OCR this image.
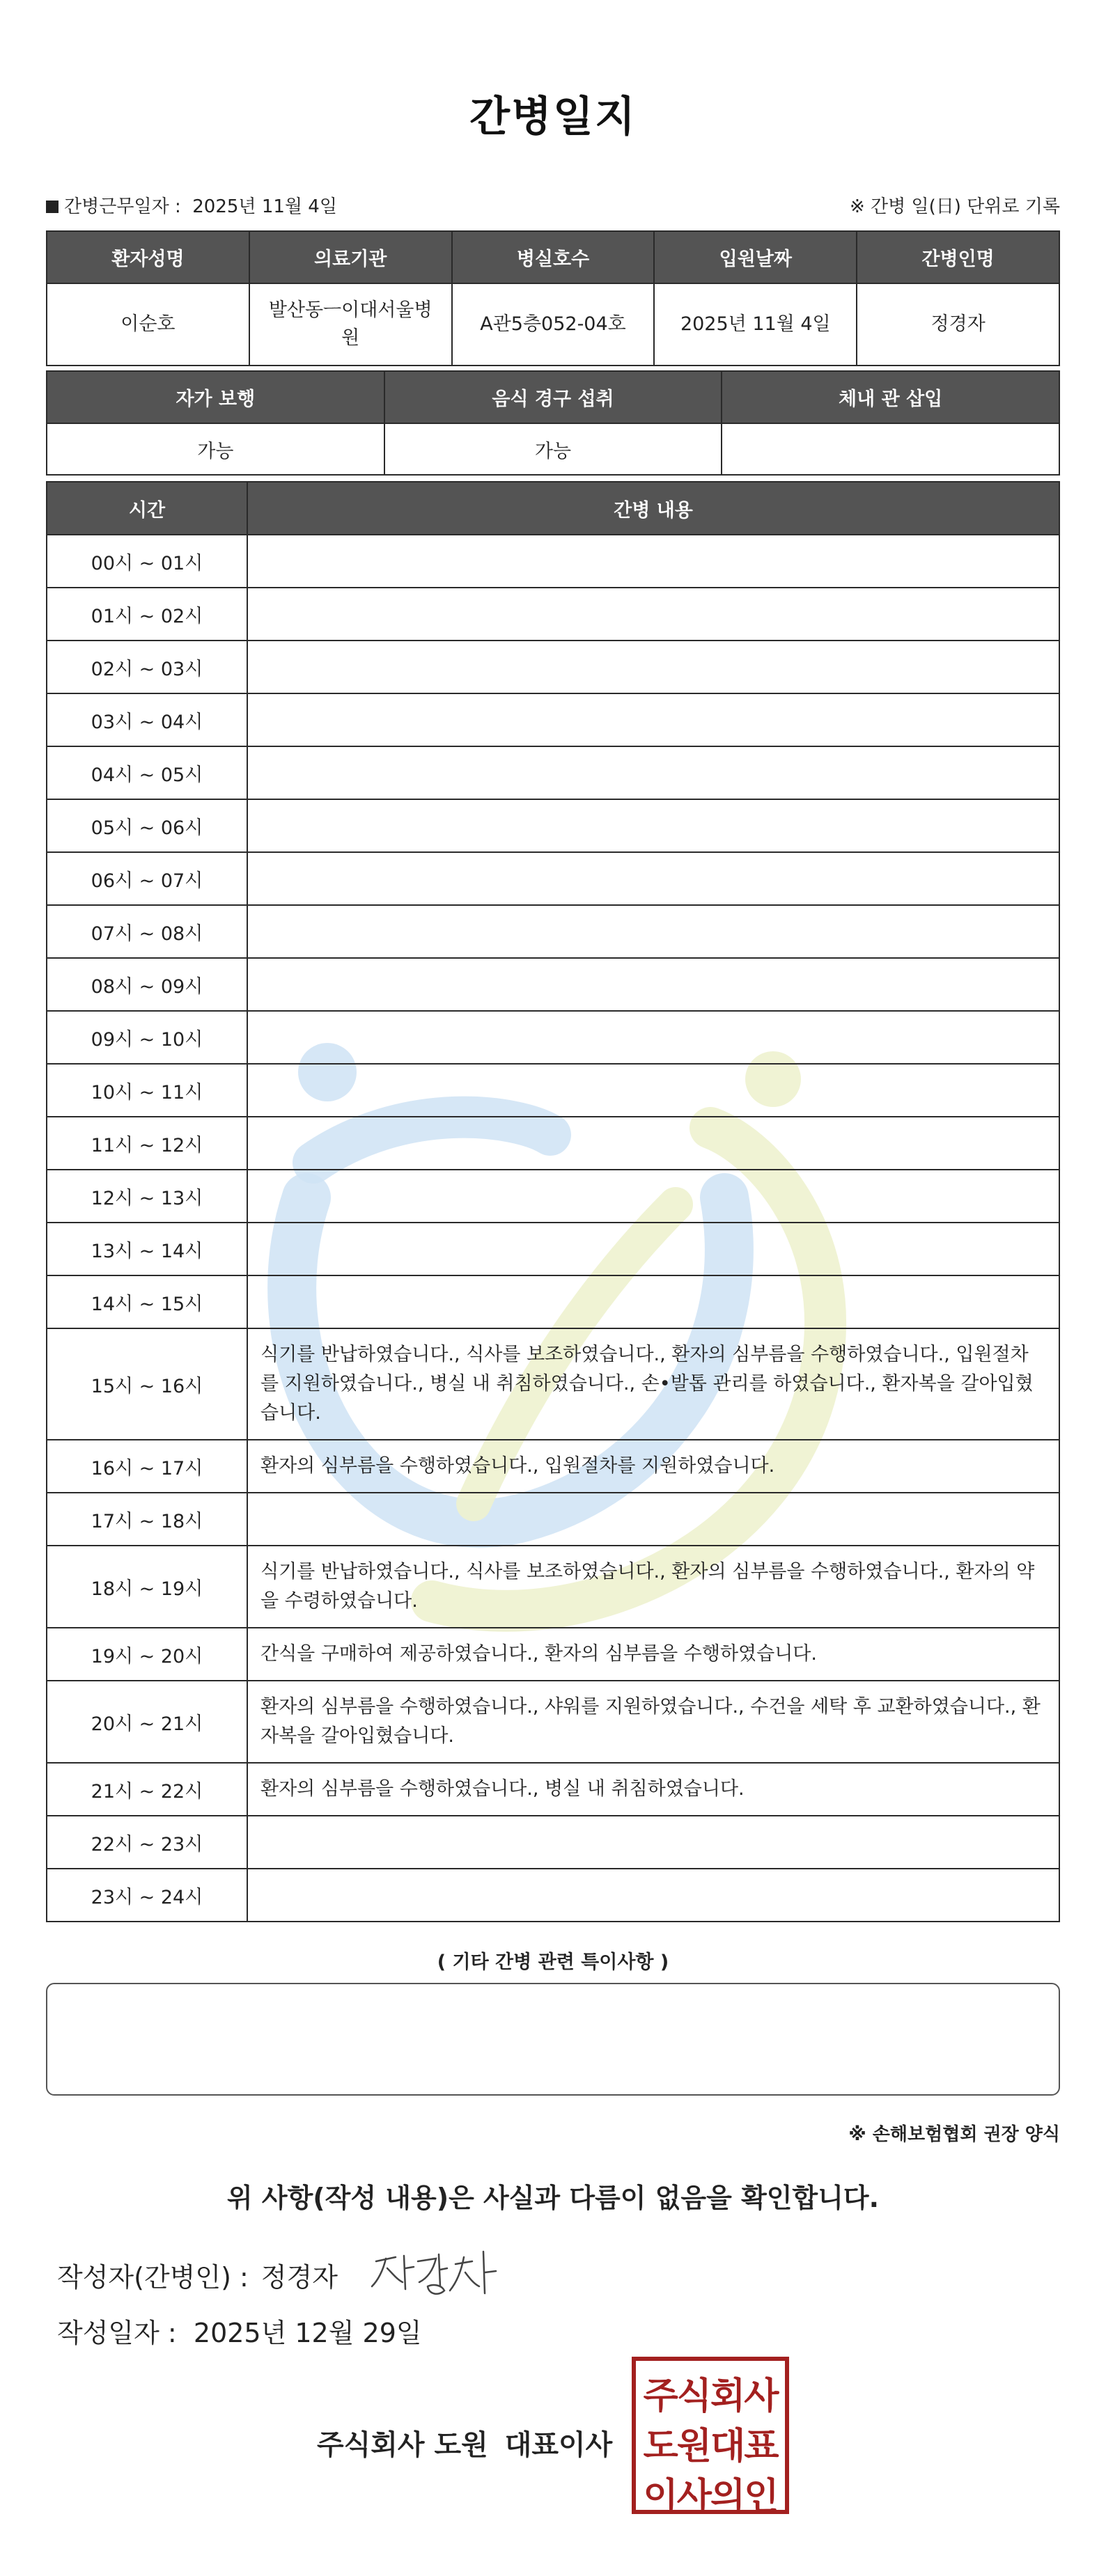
간병일지
간병근무일자 : 2025년 11월 4일	※ 간병 일(日) 단위로 기록
환자성명	의료기관	병실호수	입원날짜	간병인명
이순호	발산동ㅡ이대서울병원	A관5층052-04호	2025년 11월 4일	정경자
자가 보행	음식 경구 섭취	체내 관 삽입
가능	가능	
시간	간병 내용
00시 ~ 01시	
01시 ~ 02시	
02시 ~ 03시	
03시 ~ 04시	
04시 ~ 05시	
05시 ~ 06시	
06시 ~ 07시	
07시 ~ 08시	
08시 ~ 09시	
09시 ~ 10시	
10시 ~ 11시	
11시 ~ 12시	
12시 ~ 13시	
13시 ~ 14시	
14시 ~ 15시	
15시 ~ 16시	식기를 반납하였습니다., 식사를 보조하였습니다., 환자의 심부름을 수행하였습니다., 입원절차를 지원하였습니다., 병실 내 취침하였습니다., 손•발톱 관리를 하였습니다., 환자복을 갈아입혔습니다.
16시 ~ 17시	환자의 심부름을 수행하였습니다., 입원절차를 지원하였습니다.
17시 ~ 18시	
18시 ~ 19시	식기를 반납하였습니다., 식사를 보조하였습니다., 환자의 심부름을 수행하였습니다., 환자의 약을 수령하였습니다.
19시 ~ 20시	간식을 구매하여 제공하였습니다., 환자의 심부름을 수행하였습니다.
20시 ~ 21시	환자의 심부름을 수행하였습니다., 샤워를 지원하였습니다., 수건을 세탁 후 교환하였습니다., 환자복을 갈아입혔습니다.
21시 ~ 22시	환자의 심부름을 수행하였습니다., 병실 내 취침하였습니다.
22시 ~ 23시	
23시 ~ 24시	
( 기타 간병 관련 특이사항 )
※ 손해보험협회 권장 양식
위 사항(작성 내용)은 사실과 다름이 없음을 확인합니다.
작성자(간병인) : 정경자
작성일자 : 2025년 12월 29일
주식회사 도원 대표이사
주식회사
도원대표
이사의인
